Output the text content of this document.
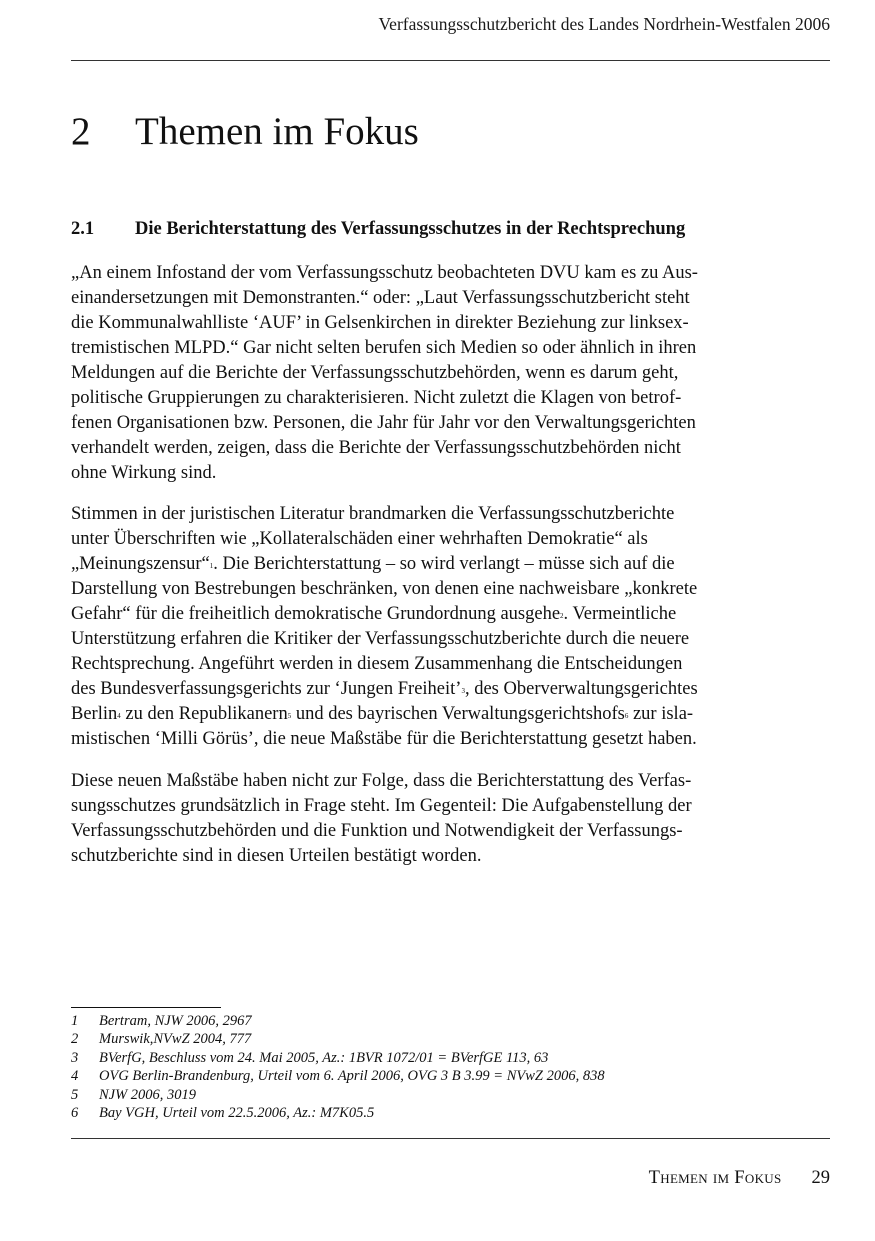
Verfassungsschutzbericht des Landes Nordrhein-Westfalen 2006
2 Themen im Fokus
2.1 Die Berichterstattung des Verfassungsschutzes in der Rechtsprechung
„An einem Infostand der vom Verfassungsschutz beobachteten DVU kam es zu Aus-
einandersetzungen mit Demonstranten.“ oder: „Laut Verfassungsschutzbericht steht
die Kommunalwahlliste ‘AUF’ in Gelsenkirchen in direkter Beziehung zur linksex-
tremistischen MLPD.“ Gar nicht selten berufen sich Medien so oder ähnlich in ihren
Meldungen auf die Berichte der Verfassungsschutzbehörden, wenn es darum geht,
politische Gruppierungen zu charakterisieren. Nicht zuletzt die Klagen von betrof-
fenen Organisationen bzw. Personen, die Jahr für Jahr vor den Verwaltungsgerichten
verhandelt werden, zeigen, dass die Berichte der Verfassungsschutzbehörden nicht
ohne Wirkung sind.
Stimmen in der juristischen Literatur brandmarken die Verfassungsschutzberichte
unter Überschriften wie „Kollateralschäden einer wehrhaften Demokratie“ als
„Meinungszensur“$^1$. Die Berichterstattung – so wird verlangt – müsse sich auf die
Darstellung von Bestrebungen beschränken, von denen eine nachweisbare „konkrete
Gefahr“ für die freiheitlich demokratische Grundordnung ausgehe$^2$. Vermeintliche
Unterstützung erfahren die Kritiker der Verfassungsschutzberichte durch die neuere
Rechtsprechung. Angeführt werden in diesem Zusammenhang die Entscheidungen
des Bundesverfassungsgerichts zur ‘Jungen Freiheit’$^3$, des Oberverwaltungsgerichtes
Berlin$^4$ zu den Republikanern$^5$ und des bayrischen Verwaltungsgerichtshofs$^6$ zur isla-
mistischen ‘Milli Görüs’, die neue Maßstäbe für die Berichterstattung gesetzt haben.
Diese neuen Maßstäbe haben nicht zur Folge, dass die Berichterstattung des Verfas-
sungsschutzes grundsätzlich in Frage steht. Im Gegenteil: Die Aufgabenstellung der
Verfassungsschutzbehörden und die Funktion und Notwendigkeit der Verfassungs-
schutzberichte sind in diesen Urteilen bestätigt worden.
1 Bertram, NJW 2006, 2967
2 Murswik,NVwZ 2004, 777
3 BVerfG, Beschluss vom 24. Mai 2005, Az.: 1BVR 1072/01 = BVerfGE 113, 63
4 OVG Berlin-Brandenburg, Urteil vom 6. April 2006, OVG 3 B 3.99 = NVwZ 2006, 838
5 NJW 2006, 3019
6 Bay VGH, Urteil vom 22.5.2006, Az.: M7K05.5
Themen im Fokus 29
